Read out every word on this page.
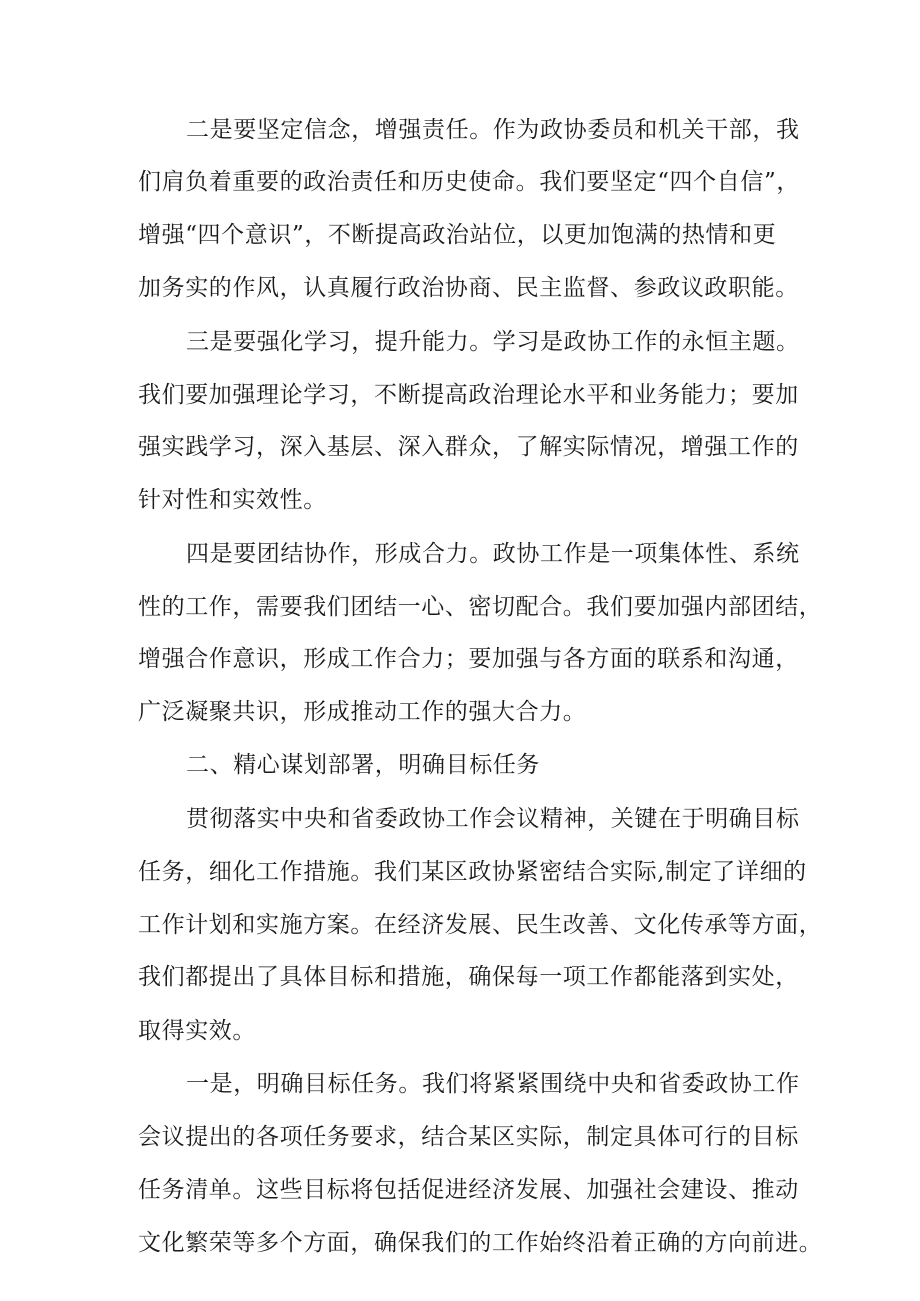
二是要坚定信念，增强责任。作为政协委员和机关干部，我
们肩负着重要的政治责任和历史使命。我们要坚定“四个自信”，
增强“四个意识”，不断提高政治站位，以更加饱满的热情和更
加务实的作风，认真履行政治协商、民主监督、参政议政职能。
三是要强化学习，提升能力。学习是政协工作的永恒主题。
我们要加强理论学习，不断提高政治理论水平和业务能力；要加
强实践学习，深入基层、深入群众，了解实际情况，增强工作的
针对性和实效性。
四是要团结协作，形成合力。政协工作是一项集体性、系统
性的工作，需要我们团结一心、密切配合。我们要加强内部团结，
增强合作意识，形成工作合力；要加强与各方面的联系和沟通，
广泛凝聚共识，形成推动工作的强大合力。
二、精心谋划部署，明确目标任务
贯彻落实中央和省委政协工作会议精神，关键在于明确目标
任务，细化工作措施。我们某区政协紧密结合实际,制定了详细的
工作计划和实施方案。在经济发展、民生改善、文化传承等方面，
我们都提出了具体目标和措施，确保每一项工作都能落到实处，
取得实效。
一是，明确目标任务。我们将紧紧围绕中央和省委政协工作
会议提出的各项任务要求，结合某区实际，制定具体可行的目标
任务清单。这些目标将包括促进经济发展、加强社会建设、推动
文化繁荣等多个方面，确保我们的工作始终沿着正确的方向前进。
